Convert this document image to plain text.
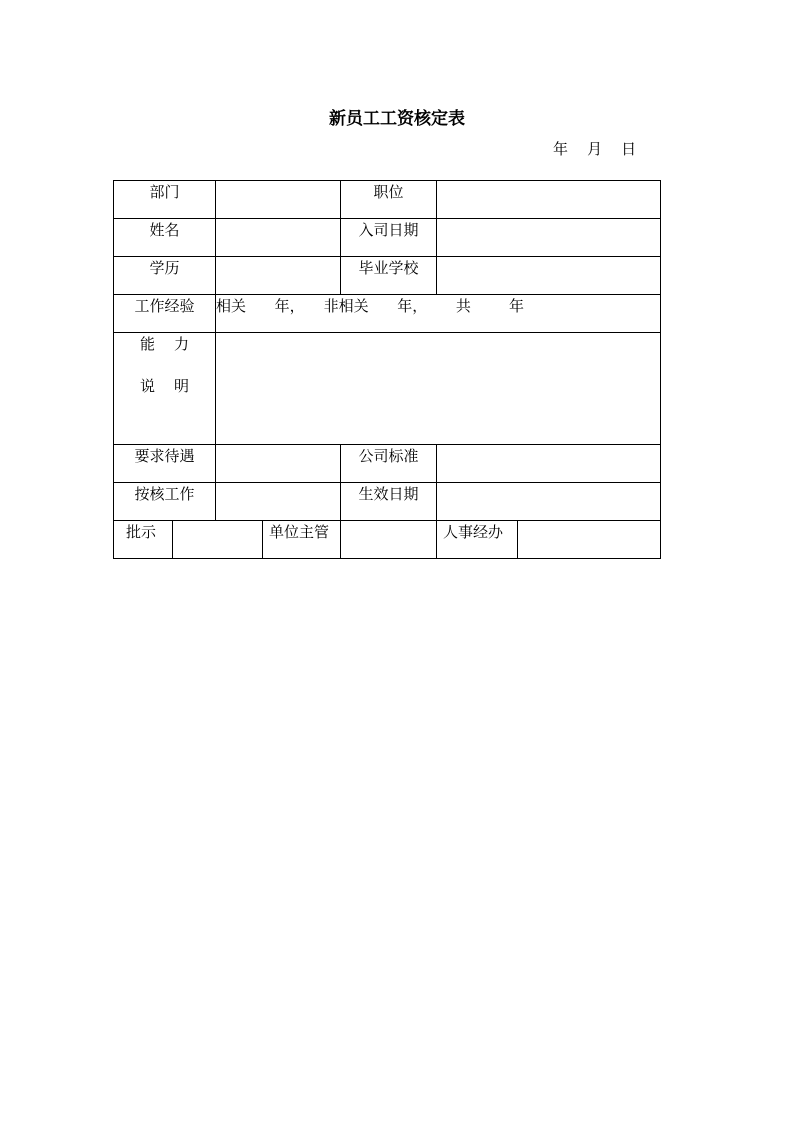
新员工工资核定表
年    月    日
部门		职位	
姓名		入司日期	
学历		毕业学校	
工作经验	相关      年，    非相关      年，      共        年		

能    力
说    明			

要求待遇		公司标准	
按核工作		生效日期	
批示		单位主管		人事经办	
